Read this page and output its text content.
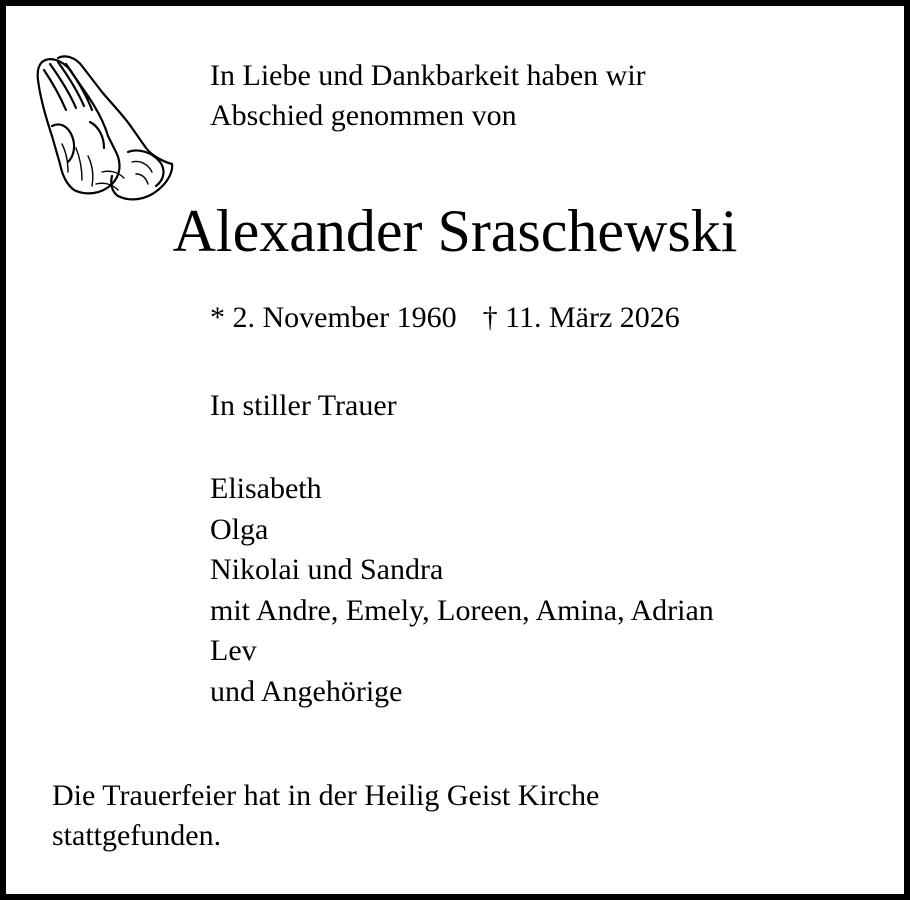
In Liebe und Dankbarkeit haben wir
Abschied genommen von
Alexander Sraschewski
* 2. November 1960 † 11. März 2026
In stiller Trauer
Elisabeth
Olga
Nikolai und Sandra
mit Andre, Emely, Loreen, Amina, Adrian
Lev
und Angehörige
Die Trauerfeier hat in der Heilig Geist Kirche
stattgefunden.
